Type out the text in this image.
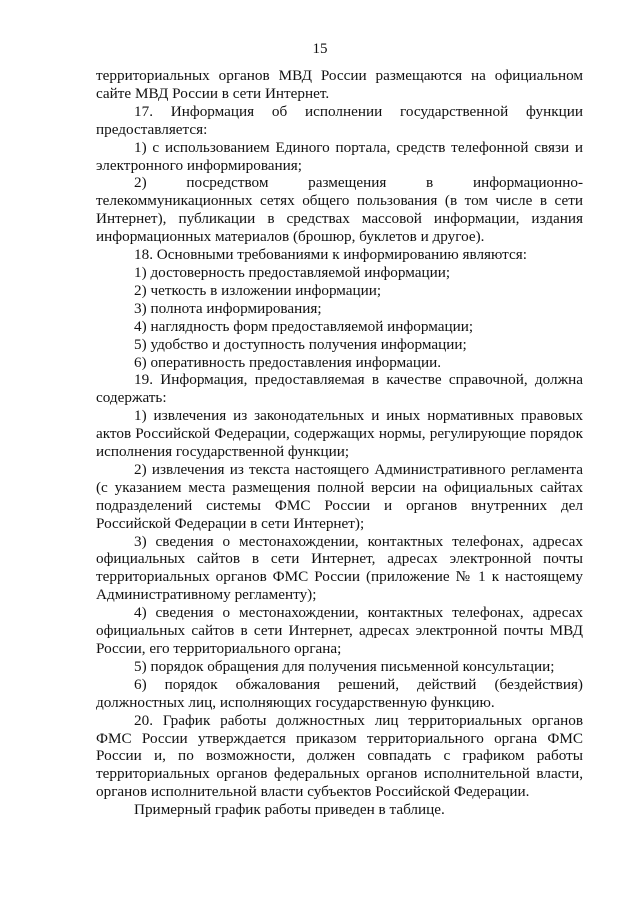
15

территориальных органов МВД России размещаются на официальном сайте МВД России в сети Интернет.

17. Информация об исполнении государственной функции предоставляется:

1) с использованием Единого портала, средств телефонной связи и электронного информирования;

2) посредством размещения в информационно-телекоммуникационных сетях общего пользования (в том числе в сети Интернет), публикации в средствах массовой информации, издания информационных материалов (брошюр, буклетов и другое).

18. Основными требованиями к информированию являются:

1) достоверность предоставляемой информации;

2) четкость в изложении информации;

3) полнота информирования;

4) наглядность форм предоставляемой информации;

5) удобство и доступность получения информации;

6) оперативность предоставления информации.

19. Информация, предоставляемая в качестве справочной, должна содержать:

1) извлечения из законодательных и иных нормативных правовых актов Российской Федерации, содержащих нормы, регулирующие порядок исполнения государственной функции;

2) извлечения из текста настоящего Административного регламента (с указанием места размещения полной версии на официальных сайтах подразделений системы ФМС России и органов внутренних дел Российской Федерации в сети Интернет);

3) сведения о местонахождении, контактных телефонах, адресах официальных сайтов в сети Интернет, адресах электронной почты территориальных органов ФМС России (приложение № 1 к настоящему Административному регламенту);

4) сведения о местонахождении, контактных телефонах, адресах официальных сайтов в сети Интернет, адресах электронной почты МВД России, его территориального органа;

5) порядок обращения для получения письменной консультации;

6) порядок обжалования решений, действий (бездействия) должностных лиц, исполняющих государственную функцию.

20. График работы должностных лиц территориальных органов ФМС России утверждается приказом территориального органа ФМС России и, по возможности, должен совпадать с графиком работы территориальных органов федеральных органов исполнительной власти, органов исполнительной власти субъектов Российской Федерации.

Примерный график работы приведен в таблице.
